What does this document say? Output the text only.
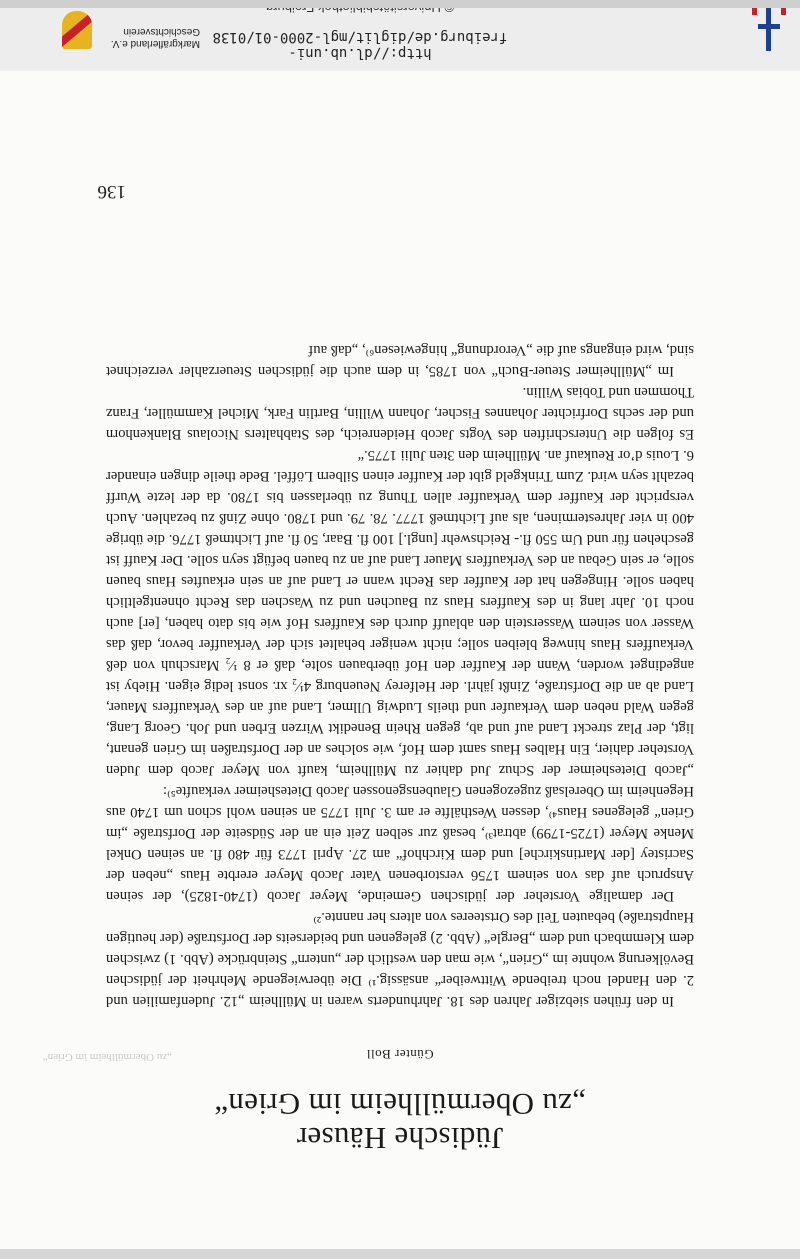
Jüdische Häuser
„zu Obermüllheim im Grien“
„zu Obermüllheim im Grien“	Günter Boll

In den frühen siebziger Jahren des 18. Jahrhunderts waren in Müllheim „12. Judenfamilien und 2. den Handel noch treibende Wittweiber“ ansässig.¹⁾ Die überwiegende Mehrheit der jüdischen Bevölkerung wohnte im „Grien“, wie man den westlich der „untern“ Steinbrücke (Abb. 1) zwischen dem Klemmbach und dem „Bergle“ (Abb. 2) gelegenen und beiderseits der Dorfstraße (der heutigen Hauptstraße) bebauten Teil des Ortsteeres von alters her nannte.²⁾

Der damalige Vorsteher der jüdischen Gemeinde, Meyer Jacob (1740-1825), der seinen Anspruch auf das von seinem 1756 verstorbenen Vater Jacob Meyer ererbte Haus „neben der Sacristey [der Martinskirche] und dem Kirchhof“ am 27. April 1773 für 480 fl. an seinen Onkel Menke Meyer (1725-1799) abtrat³⁾, besaß zur selben Zeit ein an der Südseite der Dorfstraße „im Grien“ gelegenes Haus⁴⁾, dessen Westhälfte er am 3. Juli 1775 an seinen wohl schon um 1740 aus Hegenheim im Oberelsaß zugezogenen Glaubensgenossen Jacob Dietesheimer verkaufte⁵⁾:

„Jacob Dietesheimer der Schuz Jud dahier zu Müllheim, kauft von Meyer Jacob dem Juden Vorsteher dahier, Ein Halbes Haus samt dem Hof, wie solches an der Dorfstraßen im Grien genant, ligt, der Plaz streckt Land auf und ab, gegen Rhein Benedikt Wirzen Erben und Joh. Georg Lang, gegen Wald neben dem Verkaufer und theils Ludwig Ullmer, Land auf an des Verkauffers Mauer, Land ab an die Dorfstraße, Zinßt jährl. der Helferey Neuenburg 4¹⁄₂ xr. sonst ledig eigen. Hieby ist angedinget worden, Wann der Kauffer den Hof überbauen solte, daß er 8 ¹⁄₂ Marschuh von deß Verkauffers Haus hinweg bleiben solle; nicht weniger behaltet sich der Verkauffer bevor, daß das Wasser von seinem Wasserstein den ablauff durch des Kauffers Hof wie bis dato haben, [er] auch noch 10. Jahr lang in des Kauffers Haus zu Bauchen und zu Waschen das Recht ohnentgeltlich haben solle. Hingegen hat der Kauffer das Recht wann er Land auf an sein erkauftes Haus bauen solle, er sein Gebau an des Verkauffers Mauer Land auf an zu bauen befügt seyn solle. Der Kauff ist geschehen für und Um 550 fl.- Reichswehr [ungl.] 100 fl. Baar, 50 fl. auf Lichtmeß 1776. die übrige 400 in vier Jahresterminen, als auf Lichtmeß 1777. 78. 79. und 1780. ohne Zinß zu bezahlen. Auch verspricht der Kauffer dem Verkauffer allen Thung zu überlassen bis 1780. da der lezte Wurff bezahlt seyn wird. Zum Trinkgeld gibt der Kauffer einen Silbern Löffel. Bede theile dingen einander 6. Louis d’or Reukauf an. Müllheim den 3ten Julii 1775.“

Es folgen die Unterschriften des Vogts Jacob Heidenreich, des Stabhalters Nicolaus Blankenhorn und der sechs Dorfrichter Johannes Fischer, Johann Willin, Bartlin Fark, Michel Kammüller, Franz Thommen und Tobias Willin.

Im „Müllheimer Steuer-Buch“ von 1785, in dem auch die jüdischen Steuerzahler verzeichnet sind, wird eingangs auf die „Verordnung“ hingewiesen⁶⁾, „daß auf

136
http://dl.ub.uni-freiburg.de/diglit/mgl-2000-01/0138
Markgräflerland e.V.
Geschichtsverein
